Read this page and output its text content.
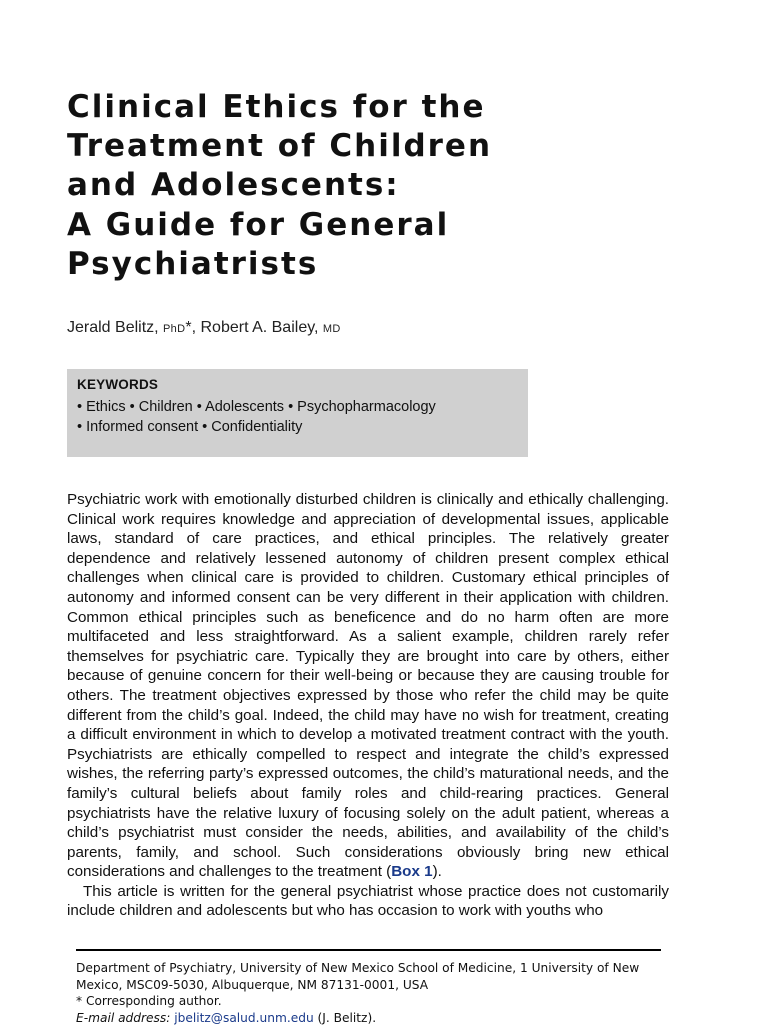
Clinical Ethics for the
Treatment of Children
and Adolescents:
A Guide for General
Psychiatrists
Jerald Belitz, PhD*, Robert A. Bailey, MD
KEYWORDS
• Ethics • Children • Adolescents • Psychopharmacology
• Informed consent • Confidentiality

Psychiatric work with emotionally disturbed children is clinically and ethically challenging. Clinical work requires knowledge and appreciation of developmental issues, applicable laws, standard of care practices, and ethical principles. The relatively greater dependence and relatively lessened autonomy of children present complex ethical challenges when clinical care is provided to children. Customary ethical principles of autonomy and informed consent can be very different in their application with children. Common ethical principles such as beneficence and do no harm often are more multifaceted and less straightforward. As a salient example, children rarely refer themselves for psychiatric care. Typically they are brought into care by others, either because of genuine concern for their well-being or because they are causing trouble for others. The treatment objectives expressed by those who refer the child may be quite different from the child’s goal. Indeed, the child may have no wish for treatment, creating a difficult environment in which to develop a motivated treatment contract with the youth. Psychiatrists are ethically compelled to respect and integrate the child’s expressed wishes, the referring party’s expressed outcomes, the child’s maturational needs, and the family’s cultural beliefs about family roles and child-rearing practices. General psychiatrists have the relative luxury of focusing solely on the adult patient, whereas a child’s psychiatrist must consider the needs, abilities, and availability of the child’s parents, family, and school. Such considerations obviously bring new ethical considerations and challenges to the treatment (Box 1).

This article is written for the general psychiatrist whose practice does not customarily include children and adolescents but who has occasion to work with youths who

Department of Psychiatry, University of New Mexico School of Medicine, 1 University of New Mexico, MSC09-5030, Albuquerque, NM 87131-0001, USA
* Corresponding author.
E-mail address: jbelitz@salud.unm.edu (J. Belitz).
